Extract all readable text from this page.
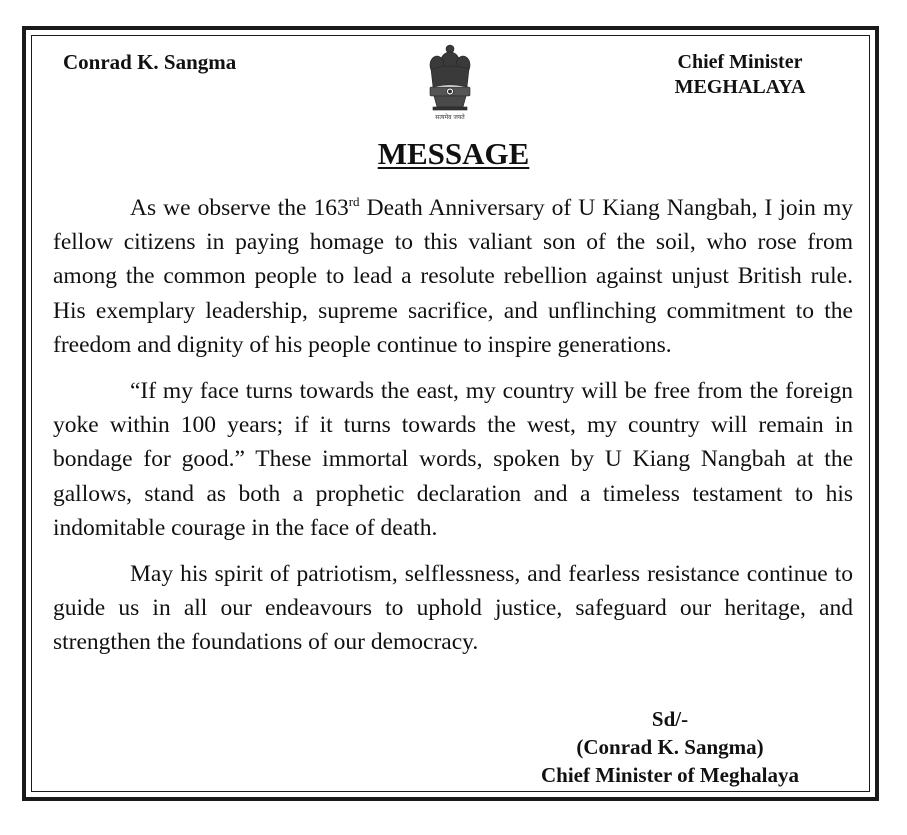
Conrad K. Sangma
सत्यमेव जयते
Chief Minister
MEGHALAYA
MESSAGE

As we observe the 163rd Death Anniversary of U Kiang Nangbah, I join my fellow citizens in paying homage to this valiant son of the soil, who rose from among the common people to lead a resolute rebellion against unjust British rule. His exemplary leadership, supreme sacrifice, and unflinching commitment to the freedom and dignity of his people continue to inspire generations.

“If my face turns towards the east, my country will be free from the foreign yoke within 100 years; if it turns towards the west, my country will remain in bondage for good.” These immortal words, spoken by U Kiang Nangbah at the gallows, stand as both a prophetic declaration and a timeless testament to his indomitable courage in the face of death.

May his spirit of patriotism, selflessness, and fearless resistance continue to guide us in all our endeavours to uphold justice, safeguard our heritage, and strengthen the foundations of our democracy.

Sd/-
(Conrad K. Sangma)
Chief Minister of Meghalaya
